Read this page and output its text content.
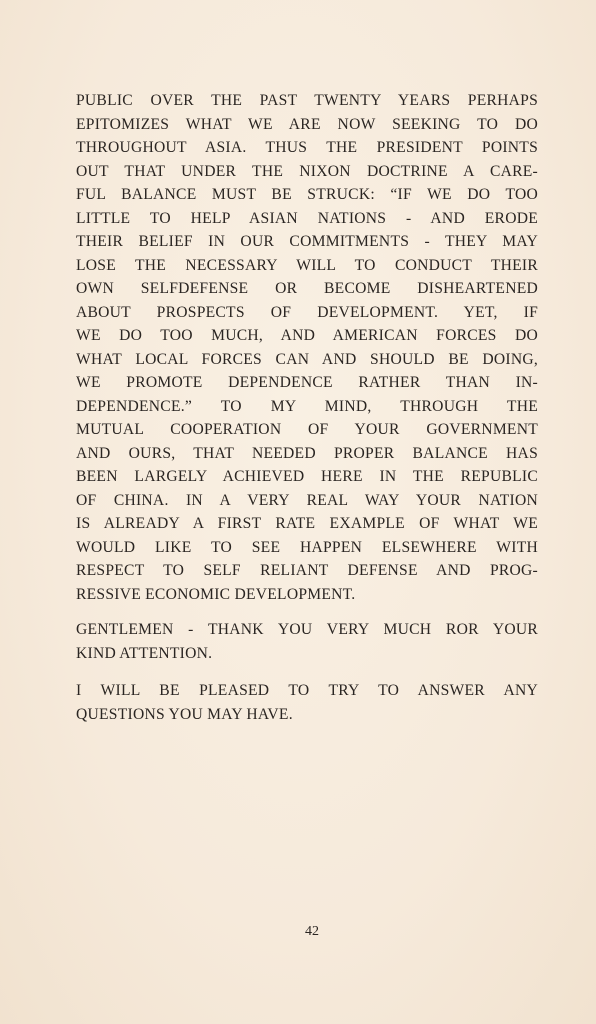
PUBLIC OVER THE PAST TWENTY YEARS PERHAPS
EPITOMIZES WHAT WE ARE NOW SEEKING TO DO
THROUGHOUT ASIA. THUS THE PRESIDENT POINTS
OUT THAT UNDER THE NIXON DOCTRINE A CARE-
FUL BALANCE MUST BE STRUCK: “IF WE DO TOO
LITTLE TO HELP ASIAN NATIONS - AND ERODE
THEIR BELIEF IN OUR COMMITMENTS - THEY MAY
LOSE THE NECESSARY WILL TO CONDUCT THEIR
OWN SELFDEFENSE OR BECOME DISHEARTENED
ABOUT PROSPECTS OF DEVELOPMENT. YET, IF
WE DO TOO MUCH, AND AMERICAN FORCES DO
WHAT LOCAL FORCES CAN AND SHOULD BE DOING,
WE PROMOTE DEPENDENCE RATHER THAN IN-
DEPENDENCE.” TO MY MIND, THROUGH THE
MUTUAL COOPERATION OF YOUR GOVERNMENT
AND OURS, THAT NEEDED PROPER BALANCE HAS
BEEN LARGELY ACHIEVED HERE IN THE REPUBLIC
OF CHINA. IN A VERY REAL WAY YOUR NATION
IS ALREADY A FIRST RATE EXAMPLE OF WHAT WE
WOULD LIKE TO SEE HAPPEN ELSEWHERE WITH
RESPECT TO SELF RELIANT DEFENSE AND PROG-
RESSIVE ECONOMIC DEVELOPMENT.
GENTLEMEN - THANK YOU VERY MUCH ROR YOUR
KIND ATTENTION.
I WILL BE PLEASED TO TRY TO ANSWER ANY
QUESTIONS YOU MAY HAVE.
42
